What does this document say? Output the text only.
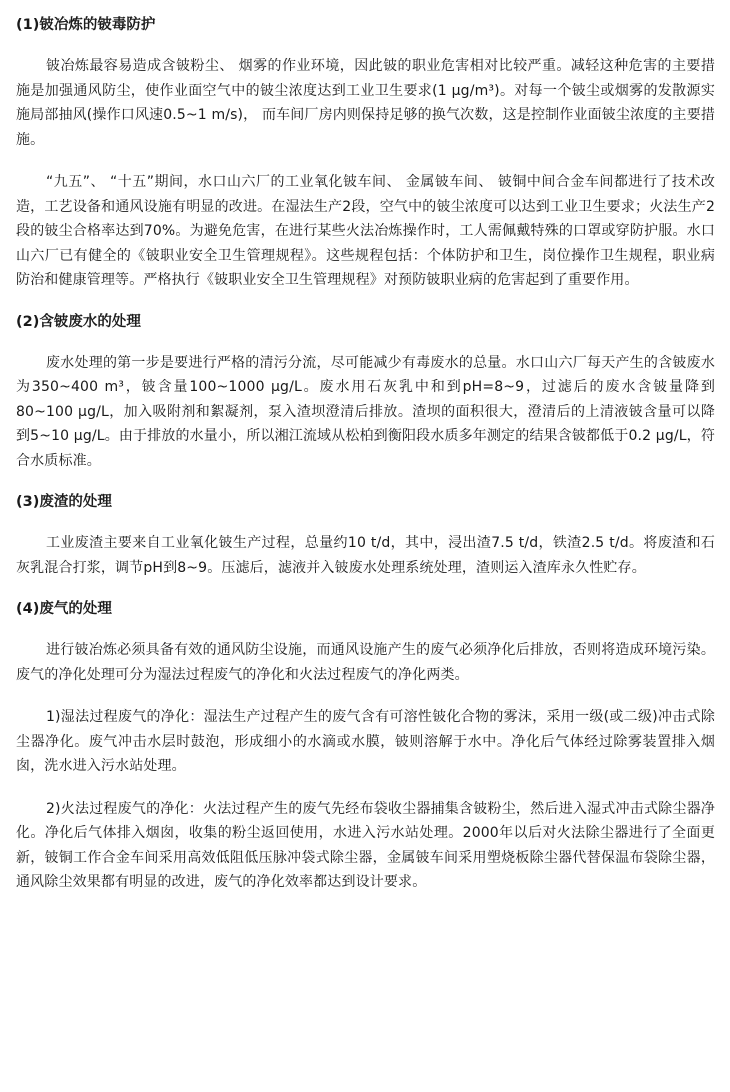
(1)铍冶炼的铍毒防护

铍冶炼最容易造成含铍粉尘、 烟雾的作业环境，因此铍的职业危害相对比较严重。减轻这种危害的主要措施是加强通风防尘，使作业面空气中的铍尘浓度达到工业卫生要求(1 μg/m³)。对每一个铍尘或烟雾的发散源实施局部抽风(操作口风速0.5~1 m/s)， 而车间厂房内则保持足够的换气次数，这是控制作业面铍尘浓度的主要措施。

“九五”、 “十五”期间，水口山六厂的工业氧化铍车间、 金属铍车间、 铍铜中间合金车间都进行了技术改造，工艺设备和通风设施有明显的改进。在湿法生产2段，空气中的铍尘浓度可以达到工业卫生要求；火法生产2段的铍尘合格率达到70%。为避免危害，在进行某些火法冶炼操作时，工人需佩戴特殊的口罩或穿防护服。水口山六厂已有健全的《铍职业安全卫生管理规程》。这些规程包括：个体防护和卫生，岗位操作卫生规程，职业病防治和健康管理等。严格执行《铍职业安全卫生管理规程》对预防铍职业病的危害起到了重要作用。

(2)含铍废水的处理

废水处理的第一步是要进行严格的清污分流，尽可能减少有毒废水的总量。水口山六厂每天产生的含铍废水为350~400 m³，铍含量100~1000 μg/L。废水用石灰乳中和到pH=8~9，过滤后的废水含铍量降到80~100 μg/L，加入吸附剂和絮凝剂，泵入渣坝澄清后排放。渣坝的面积很大，澄清后的上清液铍含量可以降到5~10 μg/L。由于排放的水量小，所以湘江流域从松柏到衡阳段水质多年测定的结果含铍都低于0.2 μg/L，符合水质标准。

(3)废渣的处理

工业废渣主要来自工业氧化铍生产过程，总量约10 t/d，其中，浸出渣7.5 t/d，铁渣2.5 t/d。将废渣和石灰乳混合打浆，调节pH到8~9。压滤后，滤液并入铍废水处理系统处理，渣则运入渣库永久性贮存。

(4)废气的处理

进行铍冶炼必须具备有效的通风防尘设施，而通风设施产生的废气必须净化后排放，否则将造成环境污染。废气的净化处理可分为湿法过程废气的净化和火法过程废气的净化两类。

1)湿法过程废气的净化：湿法生产过程产生的废气含有可溶性铍化合物的雾沫，采用一级(或二级)冲击式除尘器净化。废气冲击水层时鼓泡，形成细小的水滴或水膜，铍则溶解于水中。净化后气体经过除雾装置排入烟囱，洗水进入污水站处理。

2)火法过程废气的净化：火法过程产生的废气先经布袋收尘器捕集含铍粉尘，然后进入湿式冲击式除尘器净化。净化后气体排入烟囱，收集的粉尘返回使用，水进入污水站处理。2000年以后对火法除尘器进行了全面更新，铍铜工作合金车间采用高效低阻低压脉冲袋式除尘器，金属铍车间采用塑烧板除尘器代替保温布袋除尘器，通风除尘效果都有明显的改进，废气的净化效率都达到设计要求。
